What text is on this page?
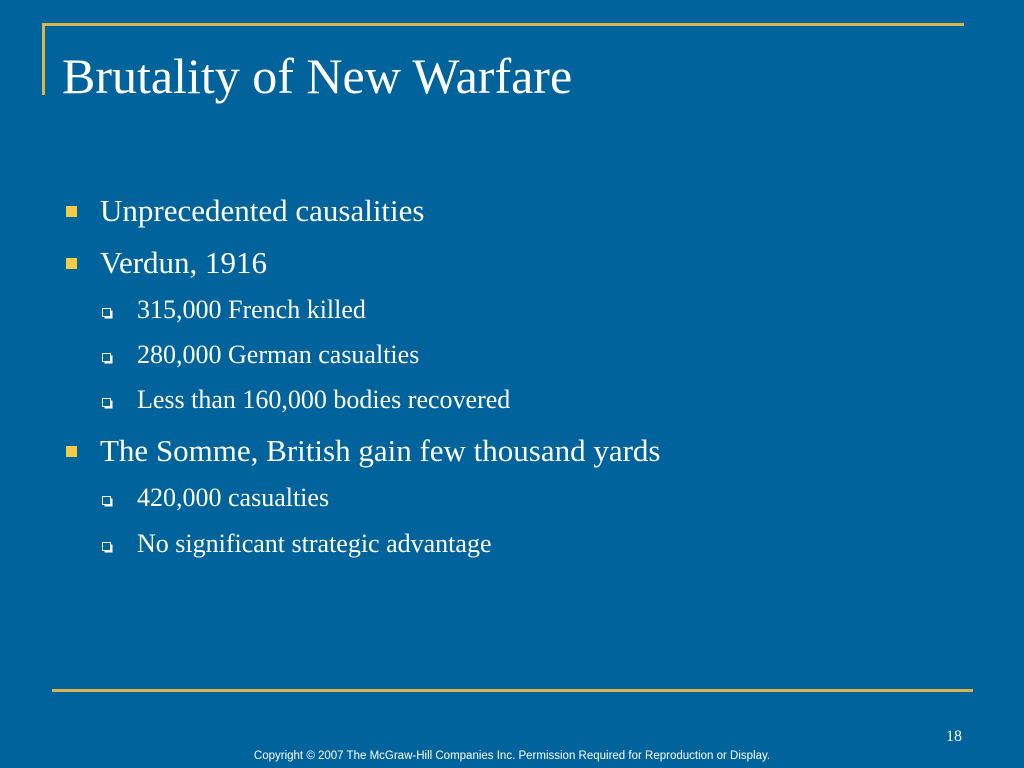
Brutality of New Warfare
Unprecedented causalities
Verdun, 1916
315,000 French killed
280,000 German casualties
Less than 160,000 bodies recovered
The Somme, British gain few thousand yards
420,000 casualties
No significant strategic advantage
18
Copyright © 2007 The McGraw-Hill Companies Inc. Permission Required for Reproduction or Display.
